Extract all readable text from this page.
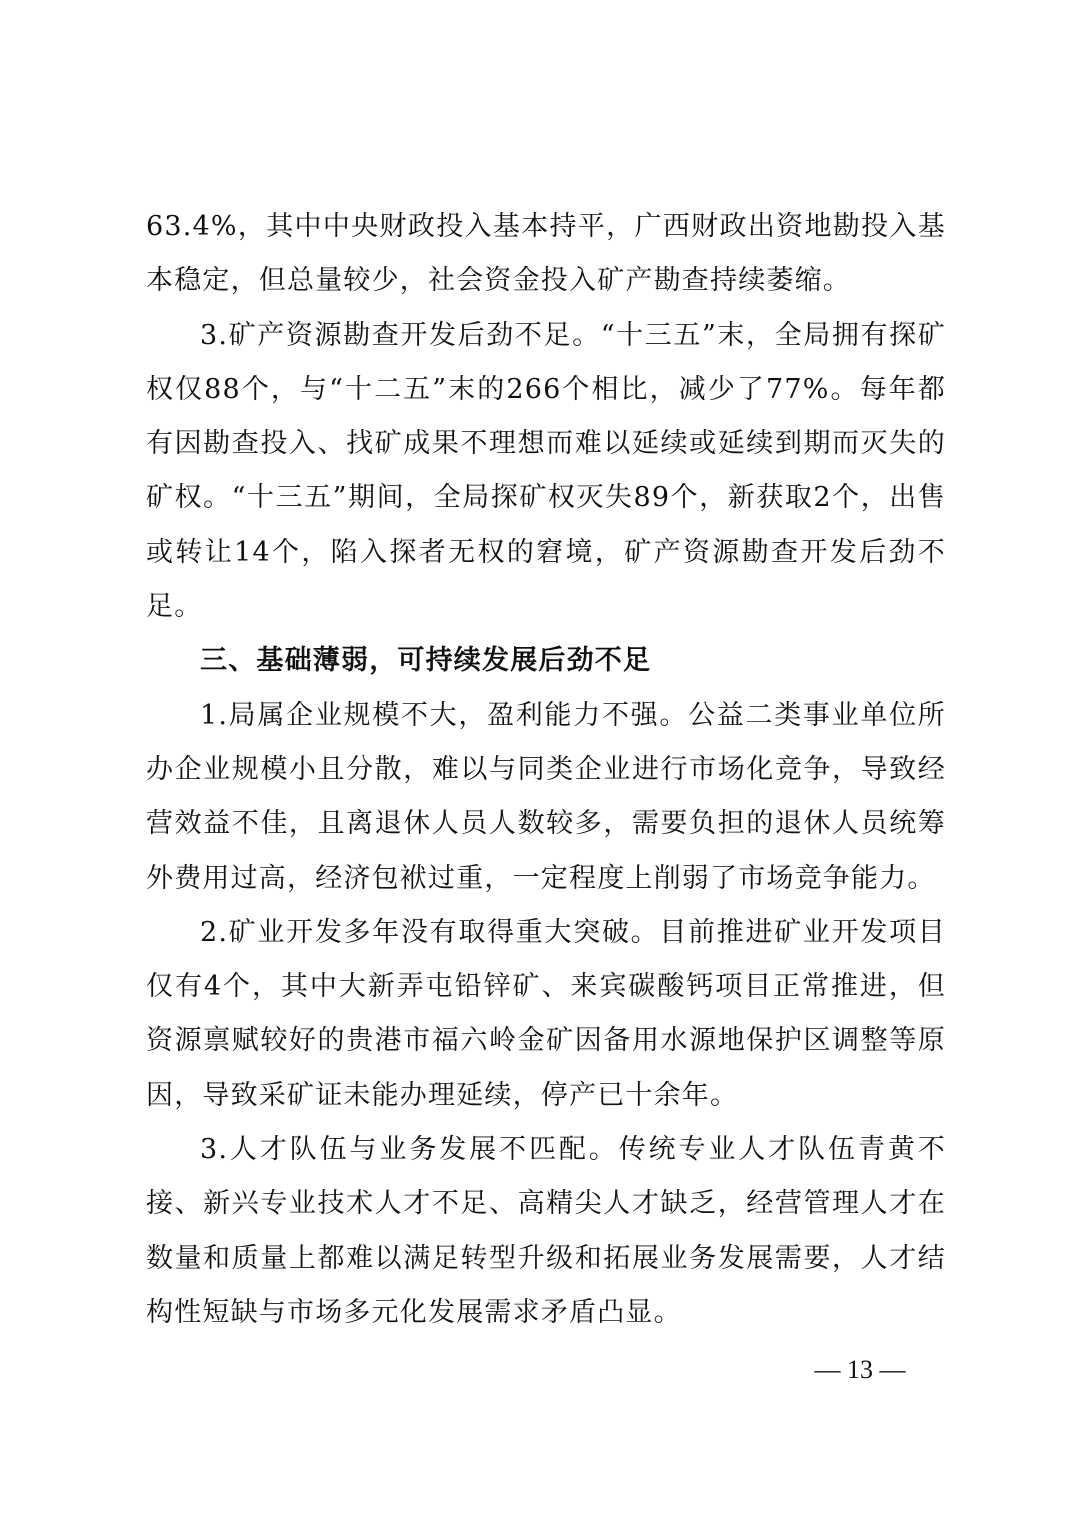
63.4%，其中中央财政投入基本持平，广西财政出资地勘投入基本稳定，但总量较少，社会资金投入矿产勘查持续萎缩。

3.矿产资源勘查开发后劲不足。“十三五”末，全局拥有探矿权仅88个，与“十二五”末的266个相比，减少了77%。每年都有因勘查投入、找矿成果不理想而难以延续或延续到期而灭失的矿权。“十三五”期间，全局探矿权灭失89个，新获取2个，出售或转让14个，陷入探者无权的窘境，矿产资源勘查开发后劲不足。

三、基础薄弱，可持续发展后劲不足

1.局属企业规模不大，盈利能力不强。公益二类事业单位所办企业规模小且分散，难以与同类企业进行市场化竞争，导致经营效益不佳，且离退休人员人数较多，需要负担的退休人员统筹外费用过高，经济包袱过重，一定程度上削弱了市场竞争能力。

2.矿业开发多年没有取得重大突破。目前推进矿业开发项目仅有4个，其中大新弄屯铅锌矿、来宾碳酸钙项目正常推进，但资源禀赋较好的贵港市福六岭金矿因备用水源地保护区调整等原因，导致采矿证未能办理延续，停产已十余年。

3.人才队伍与业务发展不匹配。传统专业人才队伍青黄不接、新兴专业技术人才不足、高精尖人才缺乏，经营管理人才在数量和质量上都难以满足转型升级和拓展业务发展需要，人才结构性短缺与市场多元化发展需求矛盾凸显。

— 13 —
